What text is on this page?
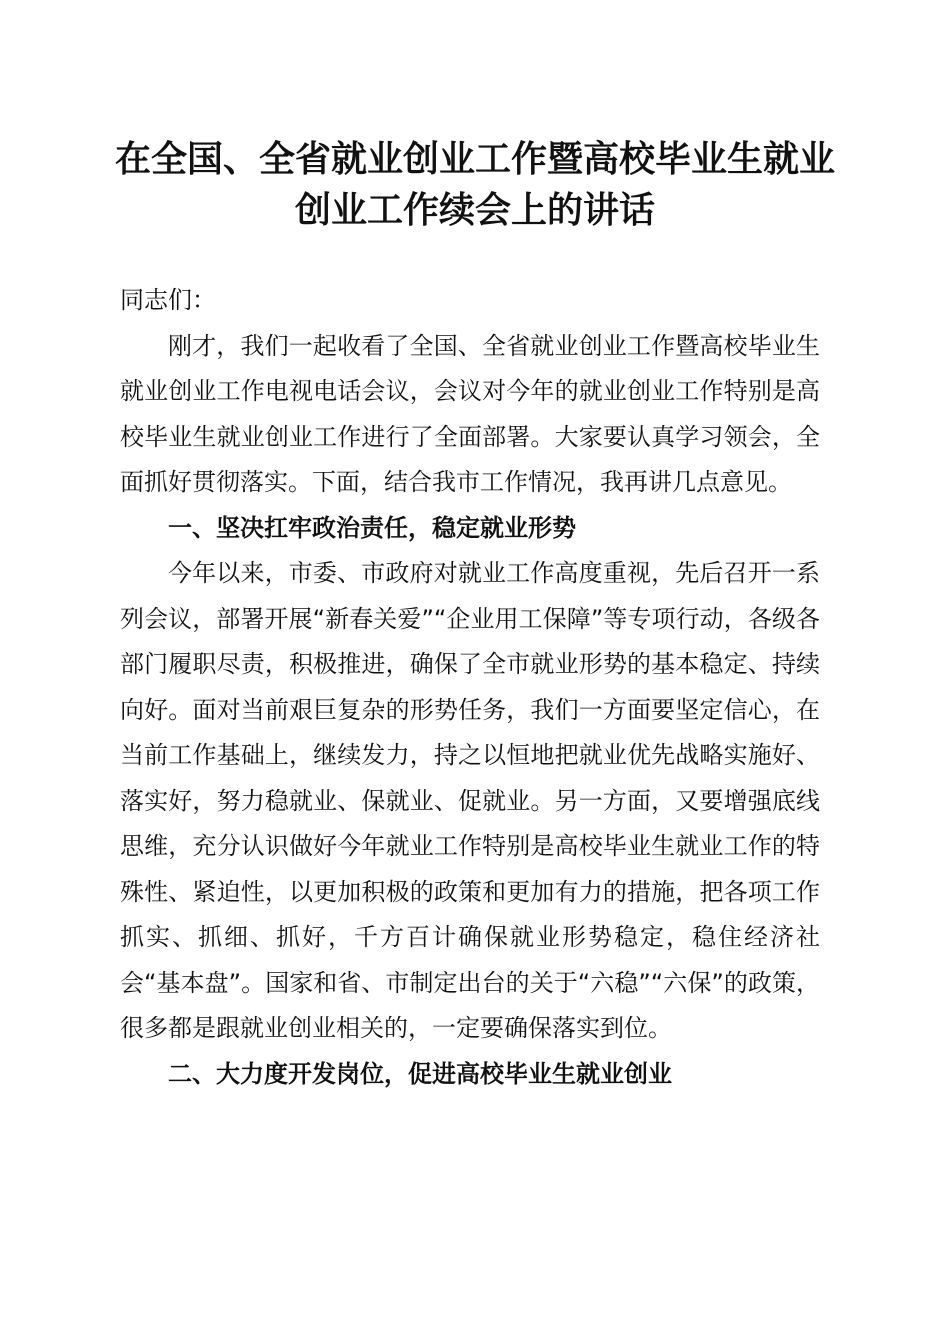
在全国、全省就业创业工作暨高校毕业生就业
创业工作续会上的讲话

同志们：

刚才，我们一起收看了全国、全省就业创业工作暨高校毕业生就业创业工作电视电话会议，会议对今年的就业创业工作特别是高校毕业生就业创业工作进行了全面部署。大家要认真学习领会，全面抓好贯彻落实。下面，结合我市工作情况，我再讲几点意见。

一、坚决扛牢政治责任，稳定就业形势

今年以来，市委、市政府对就业工作高度重视，先后召开一系列会议，部署开展“新春关爱”“企业用工保障”等专项行动，各级各部门履职尽责，积极推进，确保了全市就业形势的基本稳定、持续向好。面对当前艰巨复杂的形势任务，我们一方面要坚定信心，在当前工作基础上，继续发力，持之以恒地把就业优先战略实施好、落实好，努力稳就业、保就业、促就业。另一方面，又要增强底线思维，充分认识做好今年就业工作特别是高校毕业生就业工作的特殊性、紧迫性，以更加积极的政策和更加有力的措施，把各项工作抓实、抓细、抓好，千方百计确保就业形势稳定，稳住经济社会“基本盘”。国家和省、市制定出台的关于“六稳”“六保”的政策，很多都是跟就业创业相关的，一定要确保落实到位。

二、大力度开发岗位，促进高校毕业生就业创业
